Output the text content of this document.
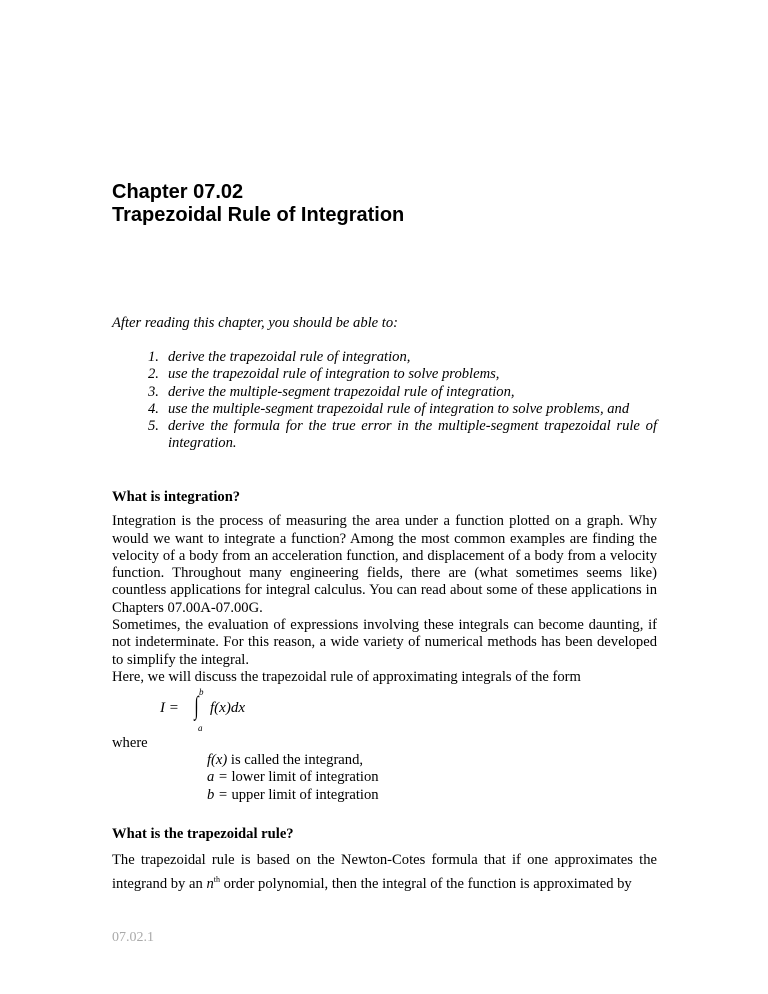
Chapter 07.02
Trapezoidal Rule of Integration
After reading this chapter, you should be able to:
1. derive the trapezoidal rule of integration,
2. use the trapezoidal rule of integration to solve problems,
3. derive the multiple-segment trapezoidal rule of integration,
4. use the multiple-segment trapezoidal rule of integration to solve problems, and
5. derive the formula for the true error in the multiple-segment trapezoidal rule of integration.
What is integration?

Integration is the process of measuring the area under a function plotted on a graph. Why would we want to integrate a function? Among the most common examples are finding the velocity of a body from an acceleration function, and displacement of a body from a velocity function. Throughout many engineering fields, there are (what sometimes seems like) countless applications for integral calculus. You can read about some of these applications in Chapters 07.00A-07.00G.

Sometimes, the evaluation of expressions involving these integrals can become daunting, if not indeterminate. For this reason, a wide variety of numerical methods has been developed to simplify the integral.

Here, we will discuss the trapezoidal rule of approximating integrals of the form

I = ∫ b
a
f(x)dx
where
f(x) is called the integrand,
a = lower limit of integration
b = upper limit of integration
What is the trapezoidal rule?

The trapezoidal rule is based on the Newton-Cotes formula that if one approximates the integrand by an $n^{th}$ order polynomial, then the integral of the function is approximated by

07.02.1
